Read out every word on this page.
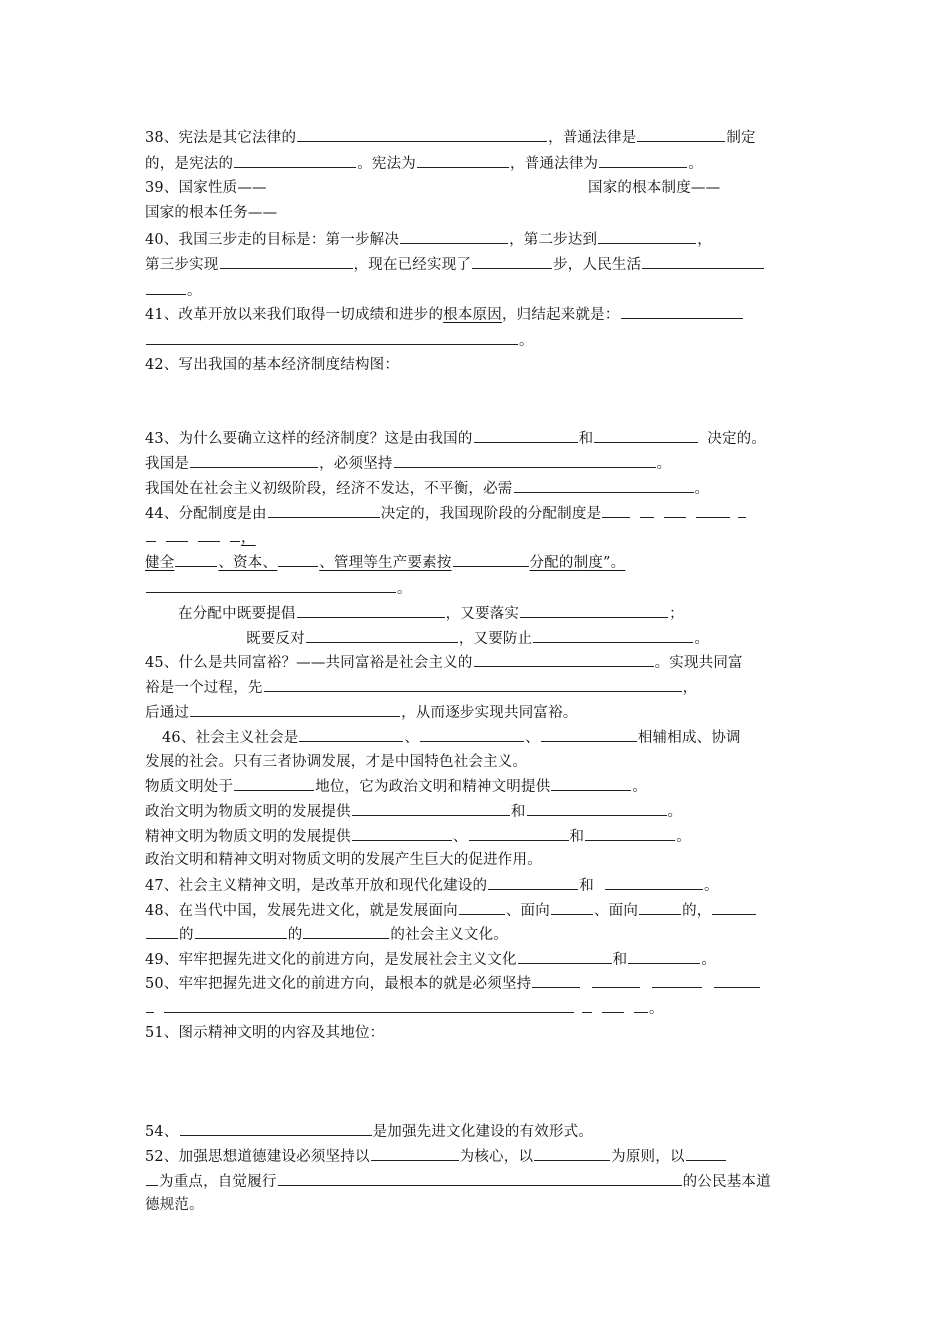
38、宪法是其它法律的	，普通法律是	制定
的，是宪法的	。宪法为	，普通法律为	。
39、国家性质——	国家的根本制度——
国家的根本任务——
40、我国三步走的目标是：第一步解决	，第二步达到	，
第三步实现	，现在已经实现了	步，人民生活
。
41、改革开放以来我们取得一切成绩和进步的根本原因，归结起来就是：
。
42、写出我国的基本经济制度结构图：
43、为什么要确立这样的经济制度？这是由我国的	和	决定的。
我国是	，必须坚持	。
我国处在社会主义初级阶段，经济不发达，不平衡，必需	。
44、分配制度是由	决定的，我国现阶段的分配制度是
，
健全	、资本、	、管理等生产要素按	分配的制度”。
。
在分配中既要提倡	，又要落实	；
既要反对	，又要防止	。
45、什么是共同富裕？——共同富裕是社会主义的	。实现共同富
裕是一个过程，先	，
后通过	，从而逐步实现共同富裕。
46、社会主义社会是	、	、	相辅相成、协调
发展的社会。只有三者协调发展，才是中国特色社会主义。
物质文明处于	地位，它为政治文明和精神文明提供	。
政治文明为物质文明的发展提供	和	。
精神文明为物质文明的发展提供	、	和	。
政治文明和精神文明对物质文明的发展产生巨大的促进作用。
47、社会主义精神文明，是改革开放和现代化建设的	和	。
48、在当代中国，发展先进文化，就是发展面向	、面向	、面向	的，
的	的	的社会主义文化。
49、牢牢把握先进文化的前进方向，是发展社会主义文化	和	。
50、牢牢把握先进文化的前进方向，最根本的就是必须坚持
。
51、图示精神文明的内容及其地位：
54、	是加强先进文化建设的有效形式。
52、加强思想道德建设必须坚持以	为核心，以	为原则，以
为重点，自觉履行	的公民基本道
德规范。
